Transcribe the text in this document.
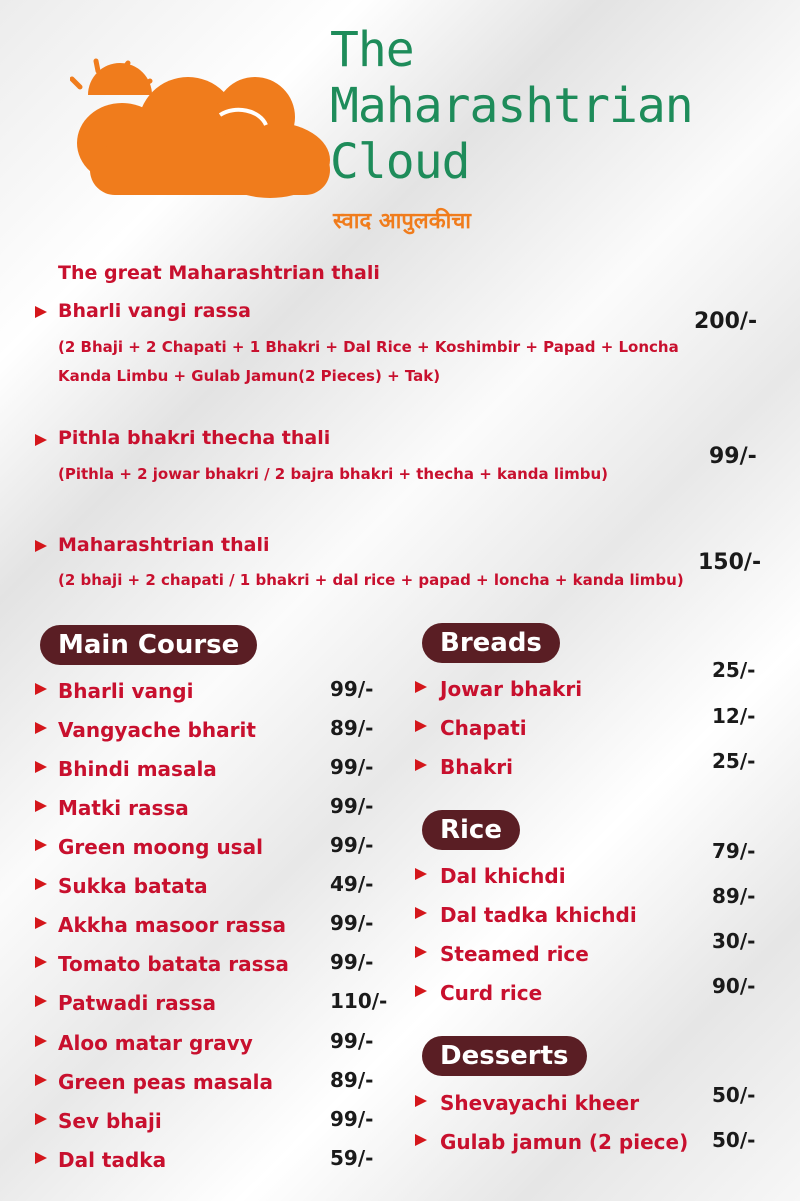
The
Maharashtrian
Cloud
स्वाद आपुलकीचा
The great Maharashtrian thali
Bharli vangi rassa
(2 Bhaji + 2 Chapati + 1 Bhakri + Dal Rice + Koshimbir + Papad + Loncha
Kanda Limbu + Gulab Jamun(2 Pieces) + Tak)
200/-
Pithla bhakri thecha thali
(Pithla + 2 jowar bhakri / 2 bajra bhakri + thecha + kanda limbu)
99/-
Maharashtrian thali
(2 bhaji + 2 chapati / 1 bhakri + dal rice + papad + loncha + kanda limbu)
150/-
Main Course	Breads
Rice
Desserts
Bharli vangi	99/-
Vangyache bharit	89/-
Bhindi masala	99/-
Matki rassa	99/-
Green moong usal	99/-
Sukka batata	49/-
Akkha masoor rassa 99/-
Tomato batata rassa 99/-
Patwadi rassa	110/-
Aloo matar gravy	99/-
Green peas masala	89/-
Sev bhaji	99/-
Dal tadka	59/-
Jowar bhakri
25/-
Chapati	12/-
Bhakri	25/-
Dal khichdi
79/-
Dal tadka khichdi
89/-
Steamed rice
30/-
Curd rice	90/-
Shevayachi kheer	50/-
Gulab jamun (2 piece) 50/-
